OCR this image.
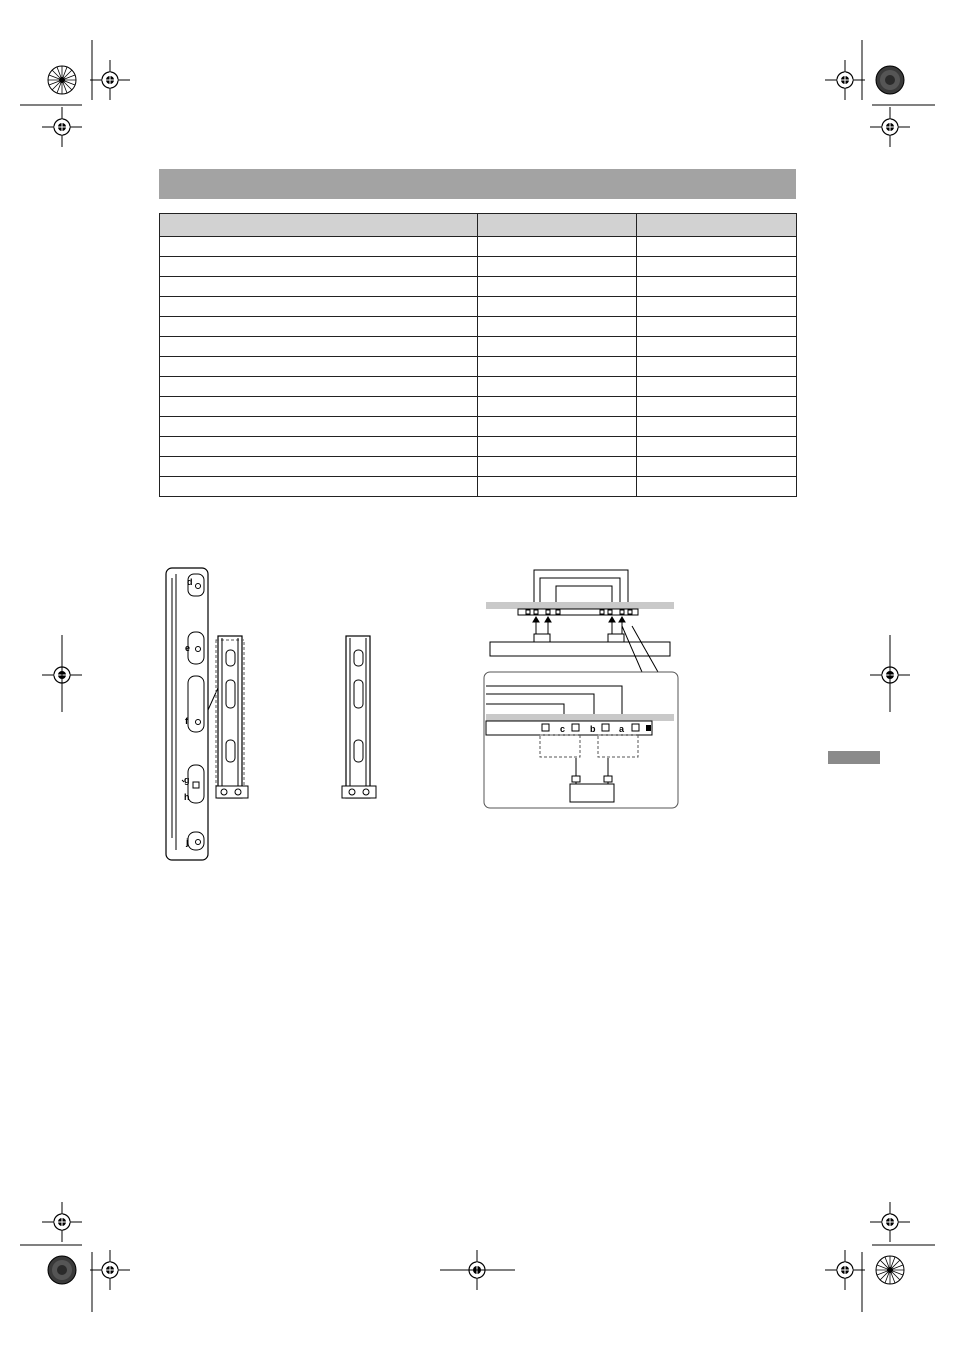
d
e
f
g
h
j
c	b	a
